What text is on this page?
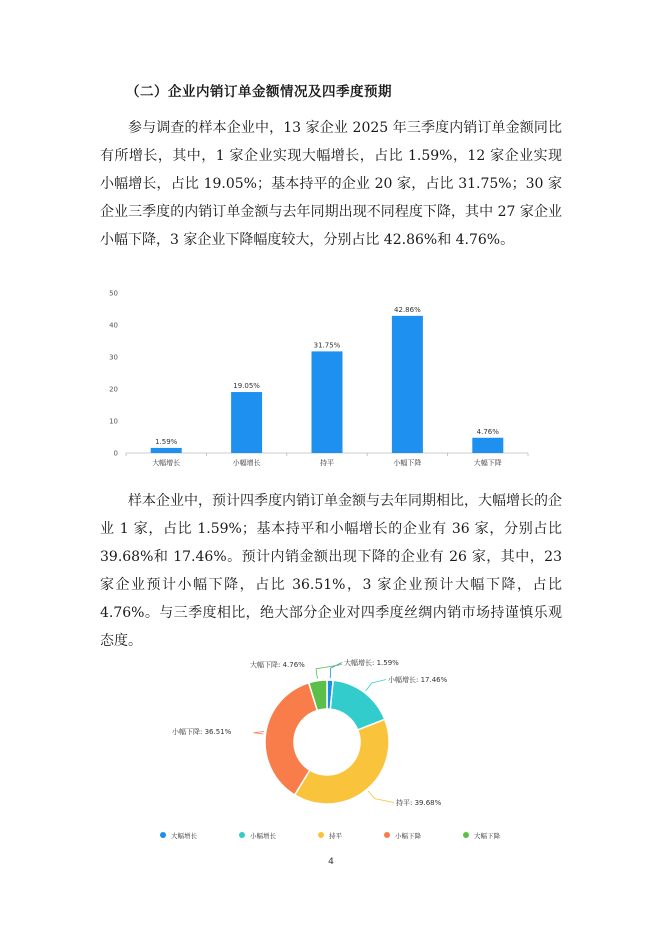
（二）企业内销订单金额情况及四季度预期
参与调查的样本企业中，13 家企业 2025 年三季度内销订单金额同比有所增长，其中，1 家企业实现大幅增长，占比 1.59%，12 家企业实现小幅增长，占比 19.05%；基本持平的企业 20 家，占比 31.75%；30 家企业三季度的内销订单金额与去年同期出现不同程度下降，其中 27 家企业小幅下降，3 家企业下降幅度较大，分别占比 42.86%和 4.76%。
0
10
20
30
40
50
1.59%
大幅增长
19.05%
小幅增长
31.75%
持平
42.86%
小幅下降
4.76%
大幅下降
样本企业中，预计四季度内销订单金额与去年同期相比，大幅增长的企业 1 家，占比 1.59%；基本持平和小幅增长的企业有 36 家，分别占比 39.68%和 17.46%。预计内销金额出现下降的企业有 26 家，其中，23 家企业预计小幅下降，占比 36.51%，3 家企业预计大幅下降，占比 4.76%。与三季度相比，绝大部分企业对四季度丝绸内销市场持谨慎乐观态度。
大幅增长: 1.59%
小幅增长: 17.46%
持平: 39.68%
小幅下降: 36.51%
大幅下降: 4.76%
大幅增长	小幅增长	持平	小幅下降	大幅下降
4
